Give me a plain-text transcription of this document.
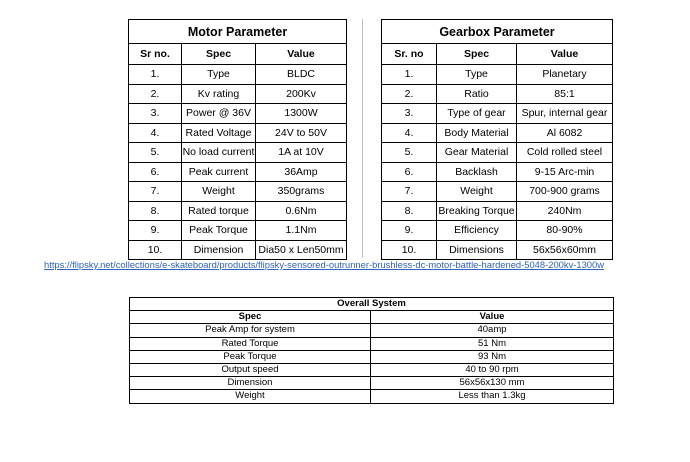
Motor Parameter		
Sr no.	Spec	Value
1.	Type	BLDC
2.	Kv rating	200Kv
3.	Power @ 36V	1300W
4.	Rated Voltage	24V to 50V
5.	No load current	1A at 10V
6.	Peak current	36Amp
7.	Weight	350grams
8.	Rated torque	0.6Nm
9.	Peak Torque	1.1Nm
10.	Dimension	Dia50 x Len50mm
Gearbox Parameter		
Sr. no	Spec	Value
1.	Type	Planetary
2.	Ratio	85:1
3.	Type of gear	Spur, internal gear
4.	Body Material	Al 6082
5.	Gear Material	Cold rolled steel
6.	Backlash	9-15 Arc-min
7.	Weight	700-900 grams
8.	Breaking Torque	240Nm
9.	Efficiency	80-90%
10.	Dimensions	56x56x60mm
https://flipsky.net/collections/e-skateboard/products/flipsky-sensored-outrunner-brushless-dc-motor-battle-hardened-5048-200kv-1300w
Overall System	
Spec	Value
Peak Amp for system	40amp
Rated Torque	51 Nm
Peak Torque	93 Nm
Output speed	40 to 90 rpm
Dimension	56x56x130 mm
Weight	Less than 1.3kg
